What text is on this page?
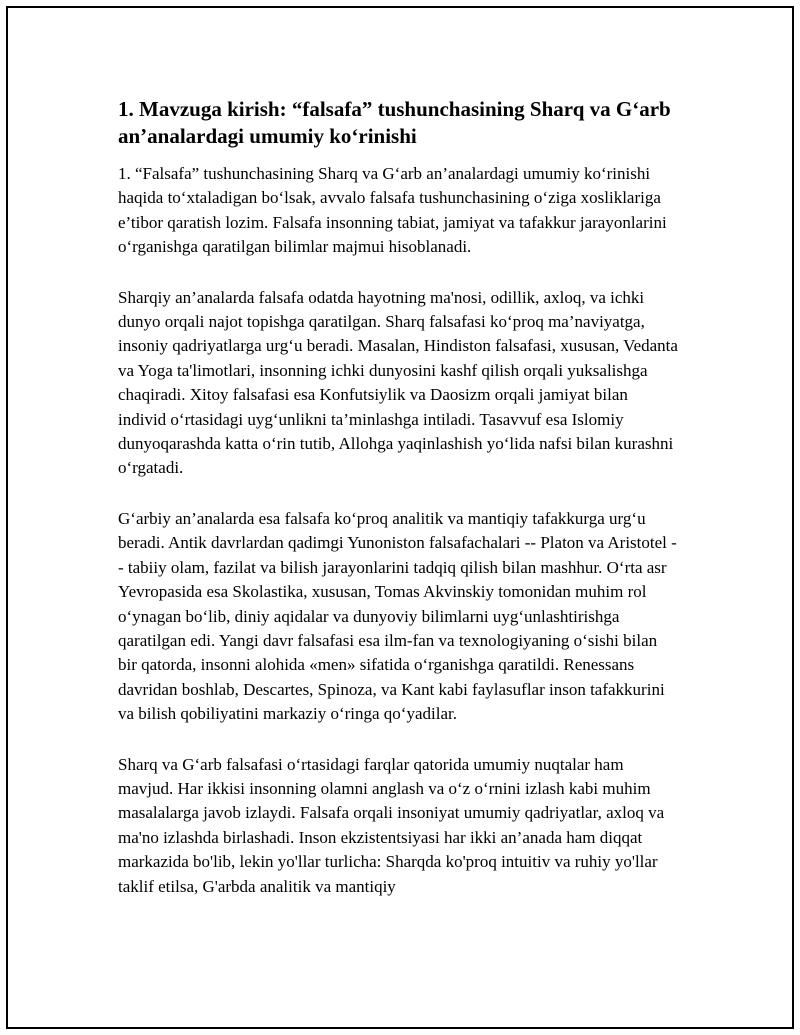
1. Mavzuga kirish: “falsafa” tushunchasining Sharq va G‘arb an’analardagi umumiy ko‘rinishi

1. “Falsafa” tushunchasining Sharq va G‘arb an’analardagi umumiy ko‘rinishi haqida to‘xtaladigan bo‘lsak, avvalo falsafa tushunchasining o‘ziga xosliklariga e’tibor qaratish lozim. Falsafa insonning tabiat, jamiyat va tafakkur jarayonlarini o‘rganishga qaratilgan bilimlar majmui hisoblanadi.

Sharqiy an’analarda falsafa odatda hayotning ma'nosi, odillik, axloq, va ichki dunyo orqali najot topishga qaratilgan. Sharq falsafasi ko‘proq ma’naviyatga, insoniy qadriyatlarga urg‘u beradi. Masalan, Hindiston falsafasi, xususan, Vedanta va Yoga ta'limotlari, insonning ichki dunyosini kashf qilish orqali yuksalishga chaqiradi. Xitoy falsafasi esa Konfutsiylik va Daosizm orqali jamiyat bilan individ o‘rtasidagi uyg‘unlikni ta’minlashga intiladi. Tasavvuf esa Islomiy dunyoqarashda katta o‘rin tutib, Allohga yaqinlashish yo‘lida nafsi bilan kurashni o‘rgatadi.

G‘arbiy an’analarda esa falsafa ko‘proq analitik va mantiqiy tafakkurga urg‘u beradi. Antik davrlardan qadimgi Yunoniston falsafachalari -- Platon va Aristotel -- tabiiy olam, fazilat va bilish jarayonlarini tadqiq qilish bilan mashhur. O‘rta asr Yevropasida esa Skolastika, xususan, Tomas Akvinskiy tomonidan muhim rol o‘ynagan bo‘lib, diniy aqidalar va dunyoviy bilimlarni uyg‘unlashtirishga qaratilgan edi. Yangi davr falsafasi esa ilm-fan va texnologiyaning o‘sishi bilan bir qatorda, insonni alohida «men» sifatida o‘rganishga qaratildi. Renessans davridan boshlab, Descartes, Spinoza, va Kant kabi faylasuflar inson tafakkurini va bilish qobiliyatini markaziy o‘ringa qo‘yadilar.

Sharq va G‘arb falsafasi o‘rtasidagi farqlar qatorida umumiy nuqtalar ham mavjud. Har ikkisi insonning olamni anglash va o‘z o‘rnini izlash kabi muhim masalalarga javob izlaydi. Falsafa orqali insoniyat umumiy qadriyatlar, axloq va ma'no izlashda birlashadi. Inson ekzistentsiyasi har ikki an’anada ham diqqat markazida bo'lib, lekin yo'llar turlicha: Sharqda ko'proq intuitiv va ruhiy yo'llar taklif etilsa, G'arbda analitik va mantiqiy
